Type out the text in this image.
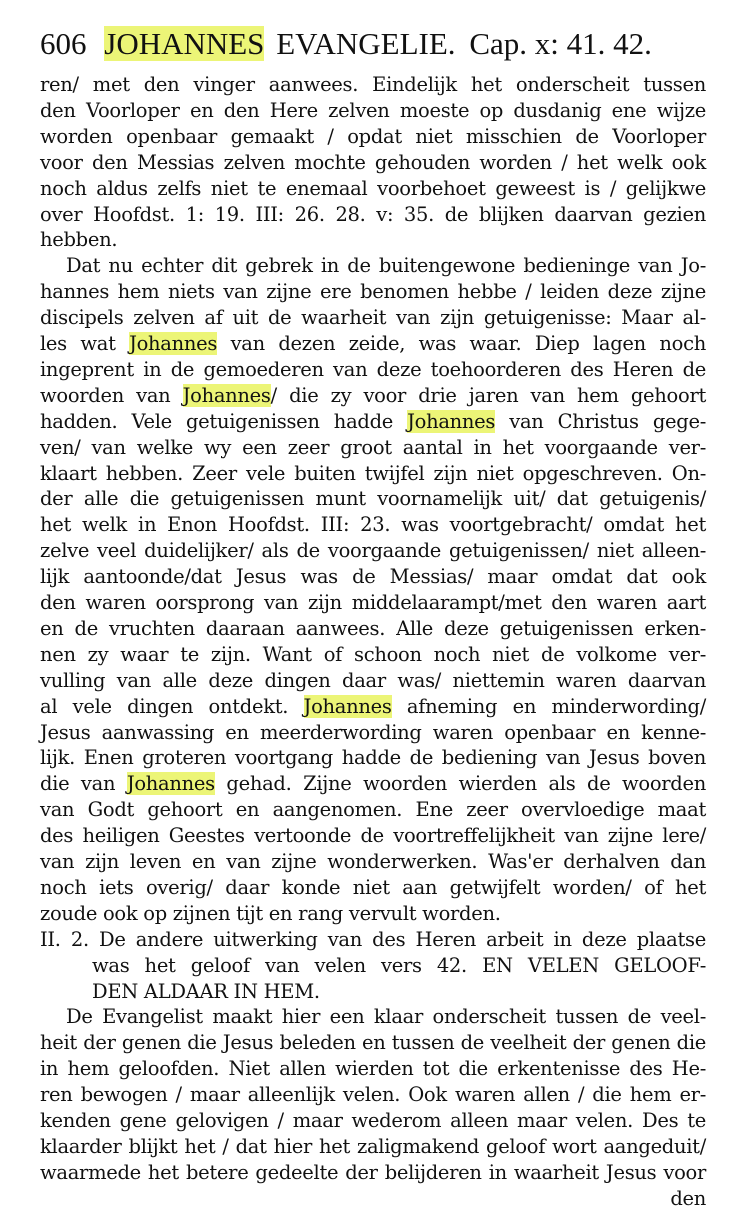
606 JOHANNES EVANGELIE. Cap. x: 41. 42.
ren/ met den vinger aanwees. Eindelijk het onderscheit tussen
den Voorloper en den Here zelven moeste op dusdanig ene wijze
worden openbaar gemaakt / opdat niet misschien de Voorloper
voor den Messias zelven mochte gehouden worden / het welk ook
noch aldus zelfs niet te enemaal voorbehoet geweest is / gelijkwe
over Hoofdst. 1: 19. III: 26. 28. v: 35. de blijken daarvan gezien
hebben.
Dat nu echter dit gebrek in de buitengewone bedieninge van Jo-
hannes hem niets van zijne ere benomen hebbe / leiden deze zijne
discipels zelven af uit de waarheit van zijn getuigenisse: Maar al-
les wat Johannes van dezen zeide, was waar. Diep lagen noch
ingeprent in de gemoederen van deze toehoorderen des Heren de
woorden van Johannes/ die zy voor drie jaren van hem gehoort
hadden. Vele getuigenissen hadde Johannes van Christus gege-
ven/ van welke wy een zeer groot aantal in het voorgaande ver-
klaart hebben. Zeer vele buiten twijfel zijn niet opgeschreven. On-
der alle die getuigenissen munt voornamelijk uit/ dat getuigenis/
het welk in Enon Hoofdst. III: 23. was voortgebracht/ omdat het
zelve veel duidelijker/ als de voorgaande getuigenissen/ niet alleen-
lijk aantoonde/dat Jesus was de Messias/ maar omdat dat ook
den waren oorsprong van zijn middelaarampt/met den waren aart
en de vruchten daaraan aanwees. Alle deze getuigenissen erken-
nen zy waar te zijn. Want of schoon noch niet de volkome ver-
vulling van alle deze dingen daar was/ niettemin waren daarvan
al vele dingen ontdekt. Johannes afneming en minderwording/
Jesus aanwassing en meerderwording waren openbaar en kenne-
lijk. Enen groteren voortgang hadde de bediening van Jesus boven
die van Johannes gehad. Zijne woorden wierden als de woorden
van Godt gehoort en aangenomen. Ene zeer overvloedige maat
des heiligen Geestes vertoonde de voortreffelijkheit van zijne lere/
van zijn leven en van zijne wonderwerken. Was'er derhalven dan
noch iets overig/ daar konde niet aan getwijfelt worden/ of het
zoude ook op zijnen tijt en rang vervult worden.
II. 2. De andere uitwerking van des Heren arbeit in deze plaatse
was het geloof van velen vers 42. EN VELEN GELOOF-
DEN ALDAAR IN HEM.
De Evangelist maakt hier een klaar onderscheit tussen de veel-
heit der genen die Jesus beleden en tussen de veelheit der genen die
in hem geloofden. Niet allen wierden tot die erkentenisse des He-
ren bewogen / maar alleenlijk velen. Ook waren allen / die hem er-
kenden gene gelovigen / maar wederom alleen maar velen. Des te
klaarder blijkt het / dat hier het zaligmakend geloof wort aangeduit/
waarmede het betere gedeelte der belijderen in waarheit Jesus voor
den
